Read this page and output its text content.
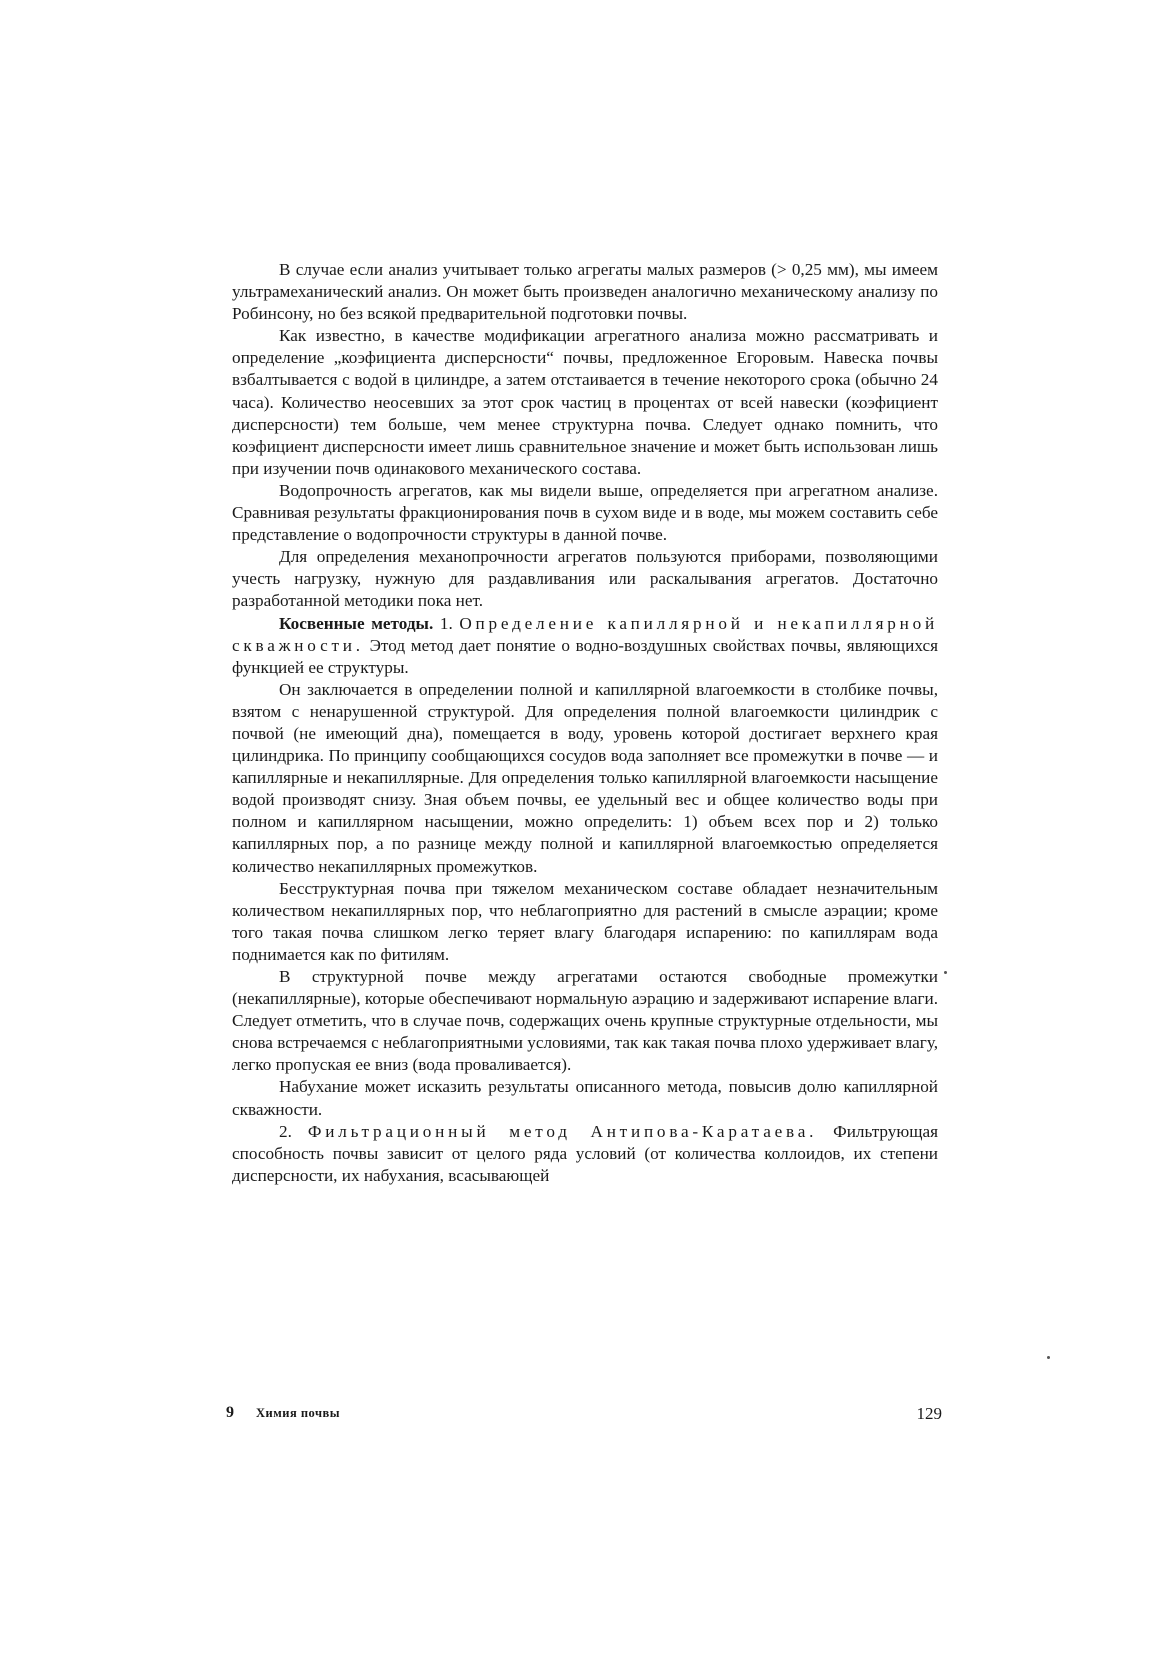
В случае если анализ учитывает только агрегаты малых размеров (> 0,25 мм), мы имеем ультрамеханический анализ. Он может быть произведен аналогично механическому анализу по Робинсону, но без всякой предварительной подготовки почвы.

Как известно, в качестве модификации агрегатного анализа можно рассматривать и определение „коэфициента дисперсности“ почвы, предложенное Егоровым. Навеска почвы взбалтывается с водой в цилиндре, а затем отстаивается в течение некоторого срока (обычно 24 часа). Количество неосевших за этот срок частиц в процентах от всей навески (коэфициент дисперсности) тем больше, чем менее структурна почва. Следует однако помнить, что коэфициент дисперсности имеет лишь сравнительное значение и может быть использован лишь при изучении почв одинакового механического состава.

Водопрочность агрегатов, как мы видели выше, определяется при агрегатном анализе. Сравнивая результаты фракционирования почв в сухом виде и в воде, мы можем составить себе представление о водопрочности структуры в данной почве.

Для определения механопрочности агрегатов пользуются приборами, позволяющими учесть нагрузку, нужную для раздавливания или раскалывания агрегатов. Достаточно разработанной методики пока нет.

Косвенные методы. 1. Определение капиллярной и некапиллярной скважности. Этод метод дает понятие о водно-воздушных свойствах почвы, являющихся функцией ее структуры.

Он заключается в определении полной и капиллярной влагоемкости в столбике почвы, взятом с ненарушенной структурой. Для определения полной влагоемкости цилиндрик с почвой (не имеющий дна), помещается в воду, уровень которой достигает верхнего края цилиндрика. По принципу сообщающихся сосудов вода заполняет все промежутки в почве — и капиллярные и некапиллярные. Для определения только капиллярной влагоемкости насыщение водой производят снизу. Зная объем почвы, ее удельный вес и общее количество воды при полном и капиллярном насыщении, можно определить: 1) объем всех пор и 2) только капиллярных пор, а по разнице между полной и капиллярной влагоемкостью определяется количество некапиллярных промежутков.

Бесструктурная почва при тяжелом механическом составе обладает незначительным количеством некапиллярных пор, что неблагоприятно для растений в смысле аэрации; кроме того такая почва слишком легко теряет влагу благодаря испарению: по капиллярам вода поднимается как по фитилям.

В структурной почве между агрегатами остаются свободные промежутки (некапиллярные), которые обеспечивают нормальную аэрацию и задерживают испарение влаги. Следует отметить, что в случае почв, содержащих очень крупные структурные отдельности, мы снова встречаемся с неблагоприятными условиями, так как такая почва плохо удерживает влагу, легко пропуская ее вниз (вода проваливается).

Набухание может исказить результаты описанного метода, повысив долю капиллярной скважности.

2. Фильтрационный метод Антипова-Каратаева. Фильтрующая способность почвы зависит от целого ряда условий (от количества коллоидов, их степени дисперсности, их набухания, всасывающей

9 Химия почвы	129
